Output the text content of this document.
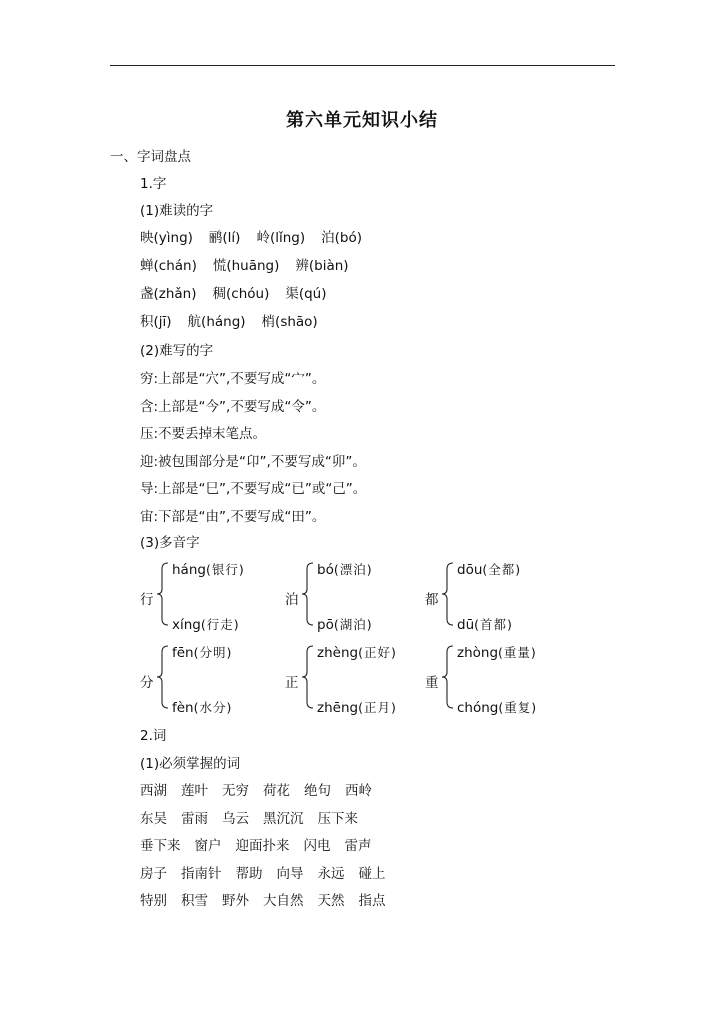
第六单元知识小结
一、字词盘点
1.字
(1)难读的字
映(yìng) 鹂(lí) 岭(lǐng) 泊(bó)
蝉(chán) 慌(huāng) 辨(biàn)
盏(zhǎn) 稠(chóu) 渠(qú)
积(jī) 航(háng) 梢(shāo)
(2)难写的字
穷:上部是“穴”,不要写成“宀”。
含:上部是“今”,不要写成“令”。
压:不要丢掉末笔点。
迎:被包围部分是“卬”,不要写成“卯”。
导:上部是“巳”,不要写成“已”或“己”。
宙:下部是“由”,不要写成“田”。
(3)多音字
行
háng(银行)
xíng(行走)
泊
bó(漂泊)
pō(湖泊)
都
dōu(全都)
dū(首都)
分
fēn(分明)
fèn(水分)
正
zhèng(正好)
zhēng(正月)
重
zhòng(重量)
chóng(重复)
2.词
(1)必须掌握的词
西湖 莲叶 无穷 荷花 绝句 西岭
东吴 雷雨 乌云 黑沉沉 压下来
垂下来 窗户 迎面扑来 闪电 雷声
房子 指南针 帮助 向导 永远 碰上
特别 积雪 野外 大自然 天然 指点
